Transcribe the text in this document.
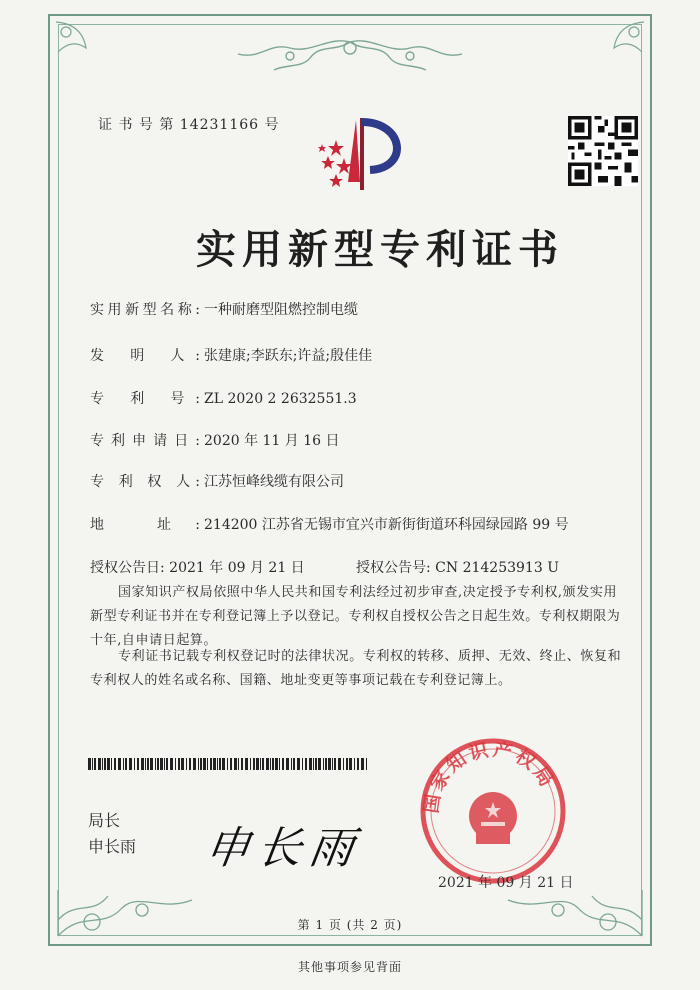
证 书 号 第 14231166 号
实用新型专利证书
实用新型名称: 一种耐磨型阻燃控制电缆
发 明 人: 张建康;李跃东;许益;殷佳佳
专 利 号: ZL 2020 2 2632551.3
专利申请日: 2020 年 11 月 16 日
专 利 权 人: 江苏恒峰线缆有限公司
地 址: 214200 江苏省无锡市宜兴市新街街道环科园绿园路 99 号
授权公告日: 2021 年 09 月 21 日	授权公告号: CN 214253913 U
国家知识产权局依照中华人民共和国专利法经过初步审查,决定授予专利权,颁发实用新型专利证书并在专利登记簿上予以登记。专利权自授权公告之日起生效。专利权期限为十年,自申请日起算。
专利证书记载专利权登记时的法律状况。专利权的转移、质押、无效、终止、恢复和专利权人的姓名或名称、国籍、地址变更等事项记载在专利登记簿上。
局长
申长雨 申长雨
国家知识产权局
2021 年 09 月 21 日
第 1 页 (共 2 页)
其他事项参见背面
